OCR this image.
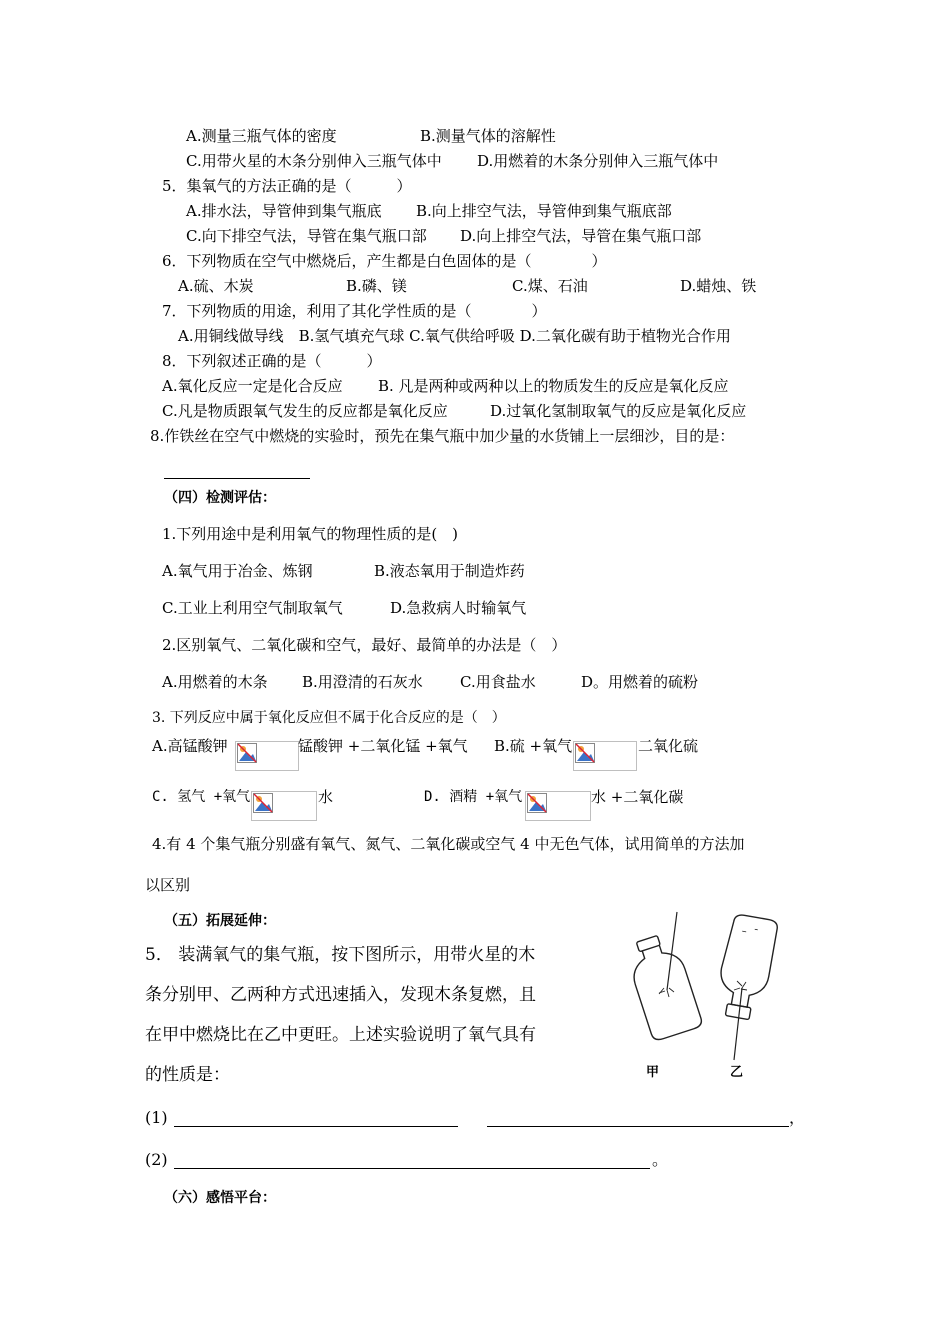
A.测量三瓶气体的密度	B.测量气体的溶解性
C.用带火星的木条分别伸入三瓶气体中 D.用燃着的木条分别伸入三瓶气体中
5．集氧气的方法正确的是（　　　）
A.排水法，导管伸到集气瓶底 B.向上排空气法，导管伸到集气瓶底部
C.向下排空气法，导管在集气瓶口部 D.向上排空气法，导管在集气瓶口部
6．下列物质在空气中燃烧后，产生都是白色固体的是（　　　　）
A.硫、木炭	B.磷、镁	C.煤、石油	D.蜡烛、铁
7．下列物质的用途，利用了其化学性质的是（　　　　）
A.用铜线做导线　B.氢气填充气球 C.氧气供给呼吸 D.二氧化碳有助于植物光合作用
8．下列叙述正确的是（　　　）
A.氧化反应一定是化合反应 B. 凡是两种或两种以上的物质发生的反应是氧化反应
C.凡是物质跟氧气发生的反应都是氧化反应	D.过氧化氢制取氧气的反应是氧化反应
8.作铁丝在空气中燃烧的实验时，预先在集气瓶中加少量的水货铺上一层细沙，目的是：
（四）检测评估：
1.下列用途中是利用氧气的物理性质的是(　)
A.氧气用于冶金、炼钢	B.液态氧用于制造炸药
C.工业上利用空气制取氧气	D.急救病人时输氧气
2.区别氧气、二氧化碳和空气，最好、最简单的办法是（　）
A.用燃着的木条 B.用澄清的石灰水 C.用食盐水	D。用燃着的硫粉
3. 下列反应中属于氧化反应但不属于化合反应的是（　）
A.高锰酸钾	锰酸钾 +二氧化锰 +氧气 B.硫 +氧气	二氧化硫
C. 氢气 +氧气	水	D. 酒精 +氧气	水 +二氧化碳
4.有 4 个集气瓶分别盛有氧气、氮气、二氧化碳或空气 4 中无色气体，试用简单的方法加
以区别
（五）拓展延伸：
5． 装满氧气的集气瓶，按下图所示，用带火星的木
条分别甲、乙两种方式迅速插入，发现木条复燃，且
在甲中燃烧比在乙中更旺。上述实验说明了氧气具有
的性质是：	甲	乙
(1)	，
(2)	。
（六）感悟平台：
